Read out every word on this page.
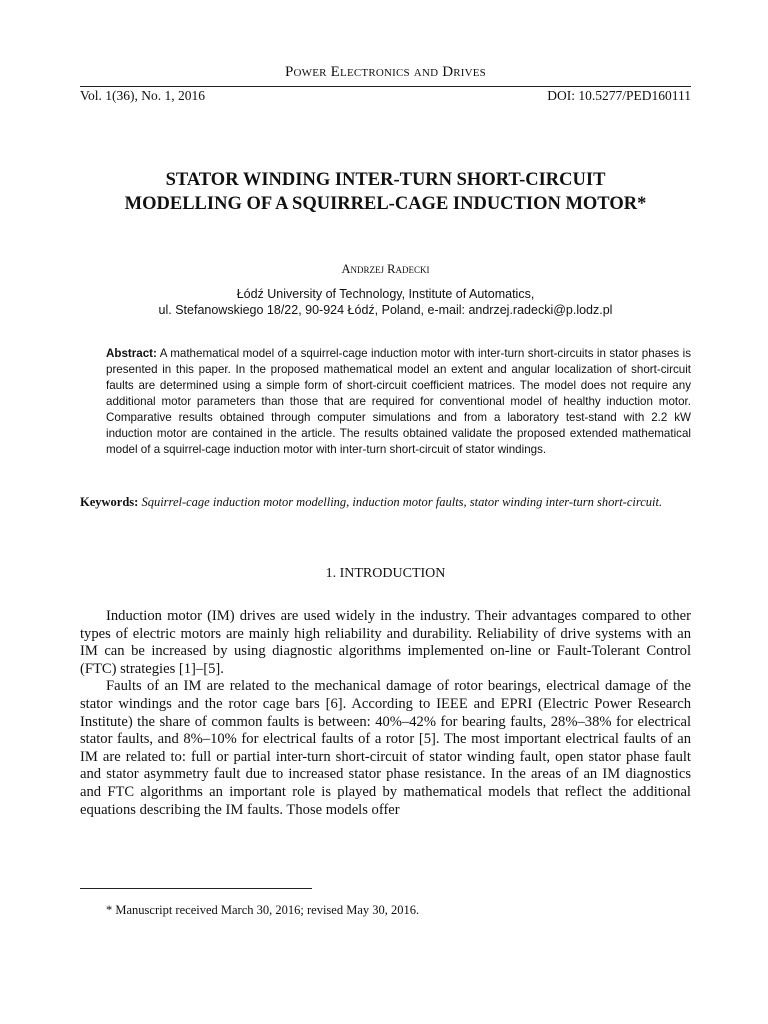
Power Electronics and Drives
Vol. 1(36), No. 1, 2016	DOI: 10.5277/PED160111
STATOR WINDING INTER-TURN SHORT-CIRCUIT
MODELLING OF A SQUIRREL-CAGE INDUCTION MOTOR*
Andrzej Radecki
Łódź University of Technology, Institute of Automatics,
ul. Stefanowskiego 18/22, 90-924 Łódź, Poland, e-mail: andrzej.radecki@p.lodz.pl
Abstract: A mathematical model of a squirrel-cage induction motor with inter-turn short-circuits in stator phases is presented in this paper. In the proposed mathematical model an extent and angular localization of short-circuit faults are determined using a simple form of short-circuit coefficient matrices. The model does not require any additional motor parameters than those that are required for conventional model of healthy induction motor. Comparative results obtained through computer simulations and from a laboratory test-stand with 2.2 kW induction motor are contained in the article. The results obtained validate the proposed extended mathematical model of a squirrel-cage induction motor with inter-turn short-circuit of stator windings.
Keywords: Squirrel-cage induction motor modelling, induction motor faults, stator winding inter-turn short-circuit.
1. INTRODUCTION

Induction motor (IM) drives are used widely in the industry. Their advantages compared to other types of electric motors are mainly high reliability and durability. Reliability of drive systems with an IM can be increased by using diagnostic algorithms implemented on-line or Fault-Tolerant Control (FTC) strategies [1]–[5].

Faults of an IM are related to the mechanical damage of rotor bearings, electrical damage of the stator windings and the rotor cage bars [6]. According to IEEE and EPRI (Electric Power Research Institute) the share of common faults is between: 40%–42% for bearing faults, 28%–38% for electrical stator faults, and 8%–10% for electrical faults of a rotor [5]. The most important electrical faults of an IM are related to: full or partial inter-turn short-circuit of stator winding fault, open stator phase fault and stator asymmetry fault due to increased stator phase resistance. In the areas of an IM diagnostics and FTC algorithms an important role is played by mathematical models that reflect the additional equations describing the IM faults. Those models offer

* Manuscript received March 30, 2016; revised May 30, 2016.
